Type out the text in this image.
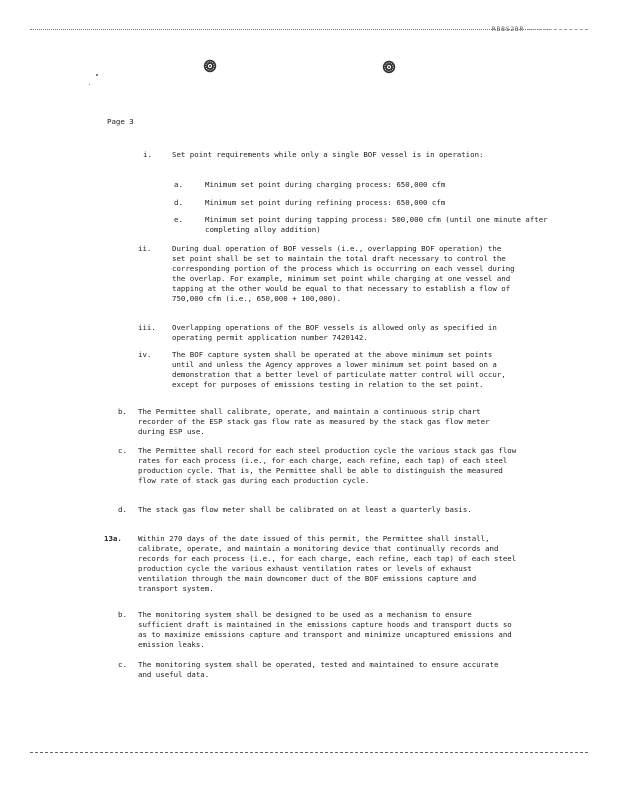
RBBS2BR
Page 3
i.	Set point requirements while only a single BOF vessel is in operation:
a.	Minimum set point during charging process: 650,000 cfm
d.	Minimum set point during refining process: 650,000 cfm
e.	Minimum set point during tapping process: 500,000 cfm (until one minute after completing alloy addition)
ii.	During dual operation of BOF vessels (i.e., overlapping BOF operation) the set point shall be set to maintain the total draft necessary to control the corresponding portion of the process which is occurring on each vessel during the overlap. For example, minimum set point while charging at one vessel and tapping at the other would be equal to that necessary to establish a flow of 750,000 cfm (i.e., 650,000 + 100,000).
iii. Overlapping operations of the BOF vessels is allowed only as specified in operating permit application number 7420142.
iv.	The BOF capture system shall be operated at the above minimum set points until and unless the Agency approves a lower minimum set point based on a demonstration that a better level of particulate matter control will occur, except for purposes of emissions testing in relation to the set point.
b. The Permittee shall calibrate, operate, and maintain a continuous strip chart recorder of the ESP stack gas flow rate as measured by the stack gas flow meter during ESP use.
c. The Permittee shall record for each steel production cycle the various stack gas flow rates for each process (i.e., for each charge, each refine, each tap) of each steel production cycle. That is, the Permittee shall be able to distinguish the measured flow rate of stack gas during each production cycle.
d. The stack gas flow meter shall be calibrated on at least a quarterly basis.
13a. Within 270 days of the date issued of this permit, the Permittee shall install, calibrate, operate, and maintain a monitoring device that continually records and records for each process (i.e., for each charge, each refine, each tap) of each steel production cycle the various exhaust ventilation rates or levels of exhaust ventilation through the main downcomer duct of the BOF emissions capture and transport system.
b. The monitoring system shall be designed to be used as a mechanism to ensure sufficient draft is maintained in the emissions capture hoods and transport ducts so as to maximize emissions capture and transport and minimize uncaptured emissions and emission leaks.
c. The monitoring system shall be operated, tested and maintained to ensure accurate and useful data.
